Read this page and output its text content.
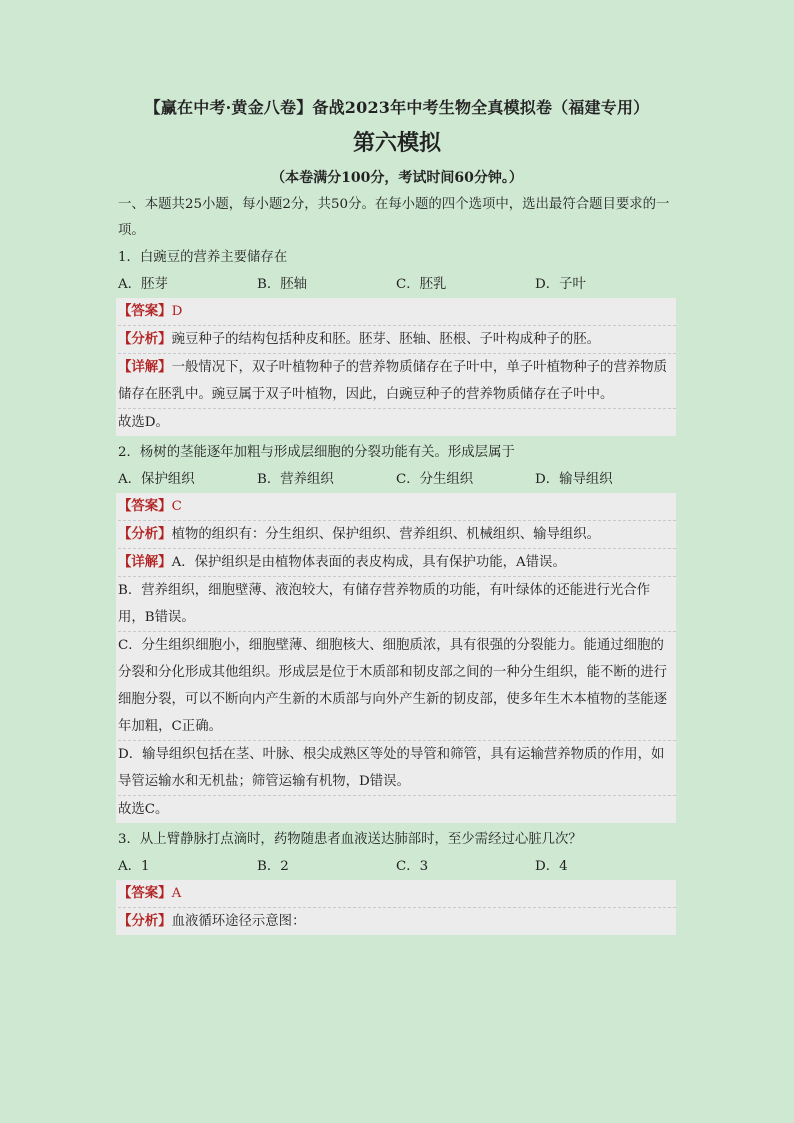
【赢在中考·黄金八卷】备战2023年中考生物全真模拟卷（福建专用）
第六模拟
（本卷满分100分，考试时间60分钟。）
一、本题共25小题，每小题2分，共50分。在每小题的四个选项中，选出最符合题目要求的一项。
1．白豌豆的营养主要储存在
A．胚芽	B．胚轴	C．胚乳	D．子叶
【答案】D
【分析】豌豆种子的结构包括种皮和胚。胚芽、胚轴、胚根、子叶构成种子的胚。
【详解】一般情况下，双子叶植物种子的营养物质储存在子叶中，单子叶植物种子的营养物质储存在胚乳中。豌豆属于双子叶植物，因此，白豌豆种子的营养物质储存在子叶中。
故选D。
2．杨树的茎能逐年加粗与形成层细胞的分裂功能有关。形成层属于
A．保护组织	B．营养组织	C．分生组织	D．输导组织
【答案】C
【分析】植物的组织有：分生组织、保护组织、营养组织、机械组织、输导组织。
【详解】A．保护组织是由植物体表面的表皮构成，具有保护功能，A错误。
B．营养组织，细胞壁薄、液泡较大，有储存营养物质的功能，有叶绿体的还能进行光合作用，B错误。
C．分生组织细胞小，细胞壁薄、细胞核大、细胞质浓，具有很强的分裂能力。能通过细胞的分裂和分化形成其他组织。形成层是位于木质部和韧皮部之间的一种分生组织，能不断的进行细胞分裂，可以不断向内产生新的木质部与向外产生新的韧皮部，使多年生木本植物的茎能逐年加粗，C正确。
D．输导组织包括在茎、叶脉、根尖成熟区等处的导管和筛管，具有运输营养物质的作用，如导管运输水和无机盐；筛管运输有机物，D错误。
故选C。
3．从上臂静脉打点滴时，药物随患者血液送达肺部时，至少需经过心脏几次？
A．1	B．2	C．3	D．4
【答案】A
【分析】血液循环途径示意图：
